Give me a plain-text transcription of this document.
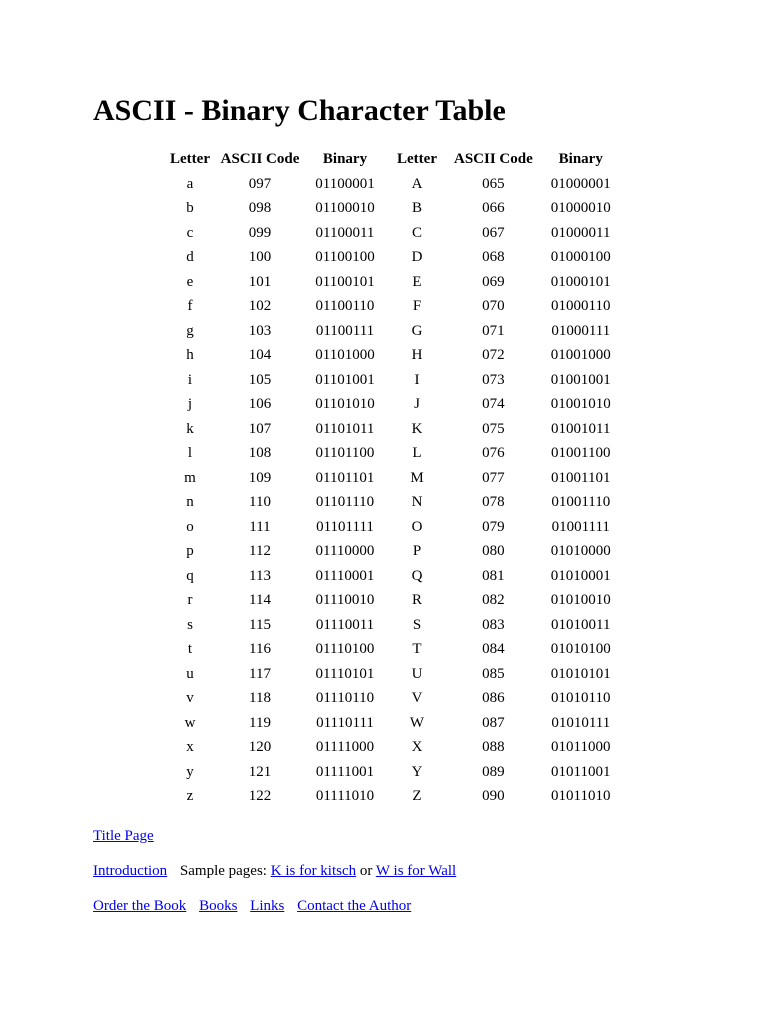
ASCII - Binary Character Table
Letter	ASCII Code	Binary	Letter	ASCII Code	Binary
a	097	01100001	A	065	01000001
b	098	01100010	B	066	01000010
c	099	01100011	C	067	01000011
d	100	01100100	D	068	01000100
e	101	01100101	E	069	01000101
f	102	01100110	F	070	01000110
g	103	01100111	G	071	01000111
h	104	01101000	H	072	01001000
i	105	01101001	I	073	01001001
j	106	01101010	J	074	01001010
k	107	01101011	K	075	01001011
l	108	01101100	L	076	01001100
m	109	01101101	M	077	01001101
n	110	01101110	N	078	01001110
o	111	01101111	O	079	01001111
p	112	01110000	P	080	01010000
q	113	01110001	Q	081	01010001
r	114	01110010	R	082	01010010
s	115	01110011	S	083	01010011
t	116	01110100	T	084	01010100
u	117	01110101	U	085	01010101
v	118	01110110	V	086	01010110
w	119	01110111	W	087	01010111
x	120	01111000	X	088	01011000
y	121	01111001	Y	089	01011001
z	122	01111010	Z	090	01011010
Title Page
Introduction Sample pages: K is for kitsch or W is for Wall
Order the Book Books Links Contact the Author
